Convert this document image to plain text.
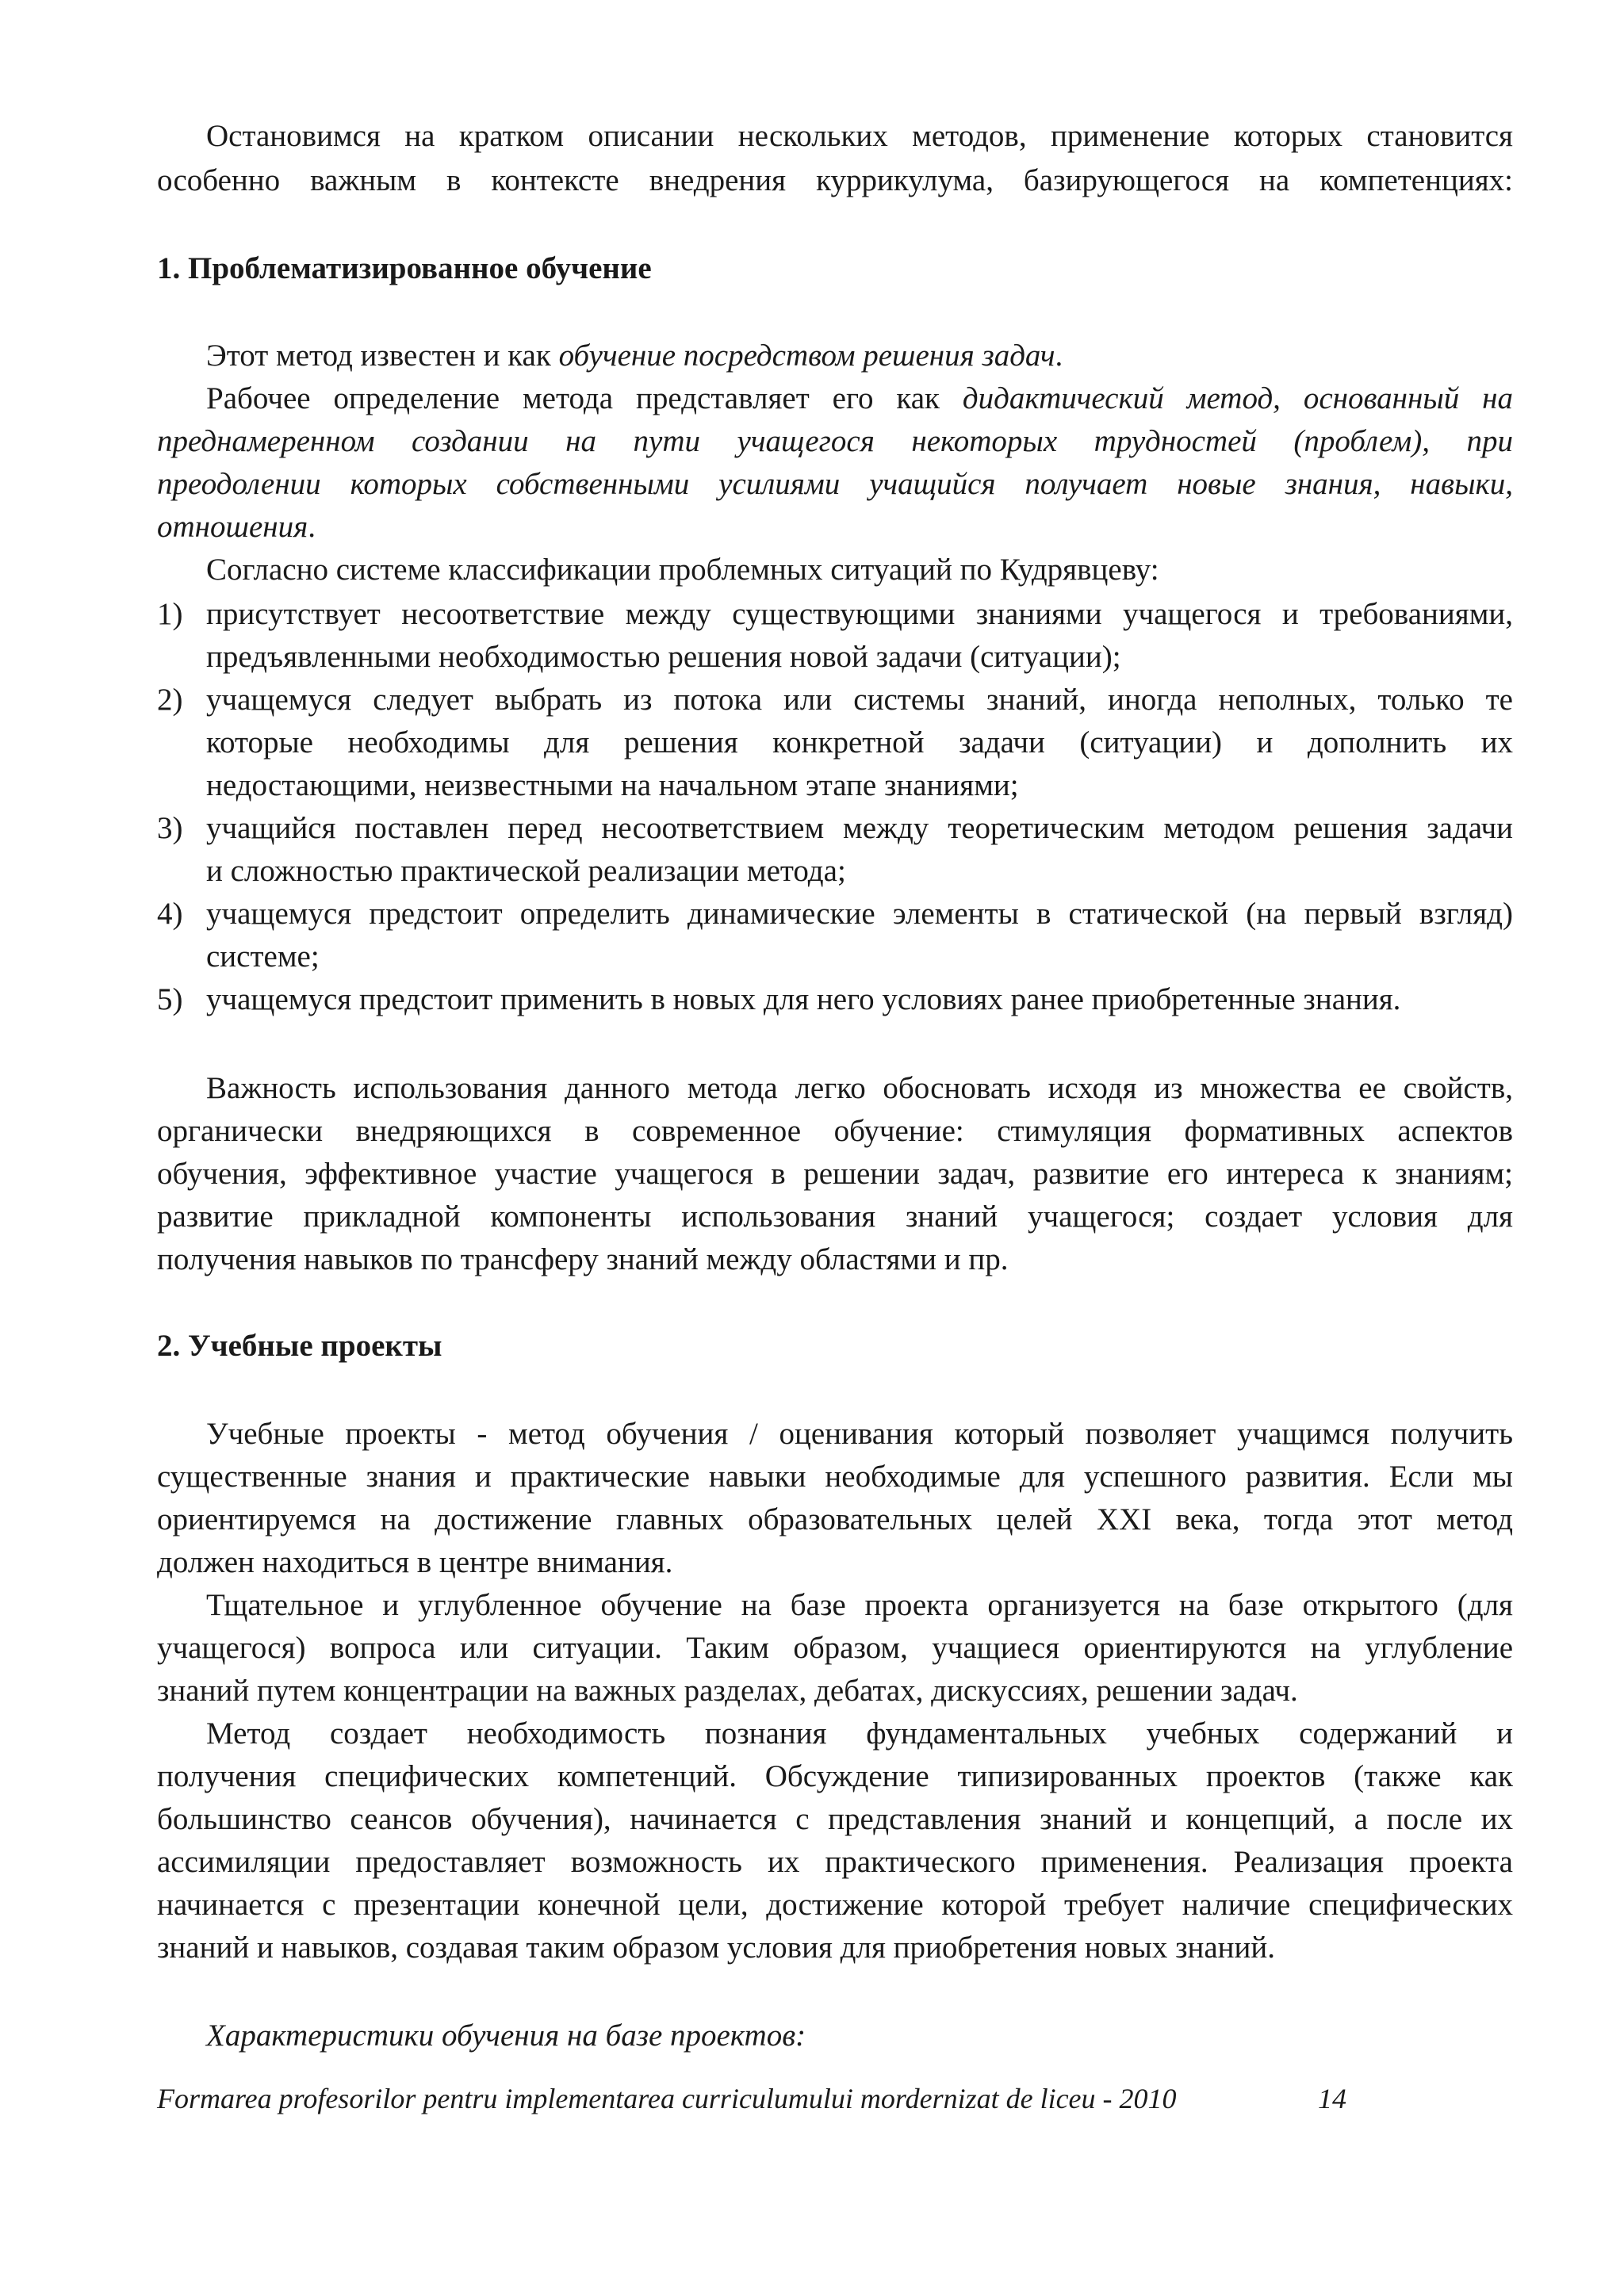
Остановимся на кратком описании нескольких методов, применение которых становится
особенно важным в контексте внедрения куррикулума, базирующегося на компетенциях:
1. Проблематизированное обучение
Этот метод известен и как обучение посредством решения задач.
Рабочее определение метода представляет его как дидактический метод, основанный на
преднамеренном создании на пути учащегося некоторых трудностей (проблем), при
преодолении которых собственными усилиями учащийся получает новые знания, навыки,
отношения.
Согласно системе классификации проблемных ситуаций по Кудрявцеву:
1) присутствует несоответствие между существующими знаниями учащегося и требованиями,
предъявленными необходимостью решения новой задачи (ситуации);
2) учащемуся следует выбрать из потока или системы знаний, иногда неполных, только те
которые необходимы для решения конкретной задачи (ситуации) и дополнить их
недостающими, неизвестными на начальном этапе знаниями;
3) учащийся поставлен перед несоответствием между теоретическим методом решения задачи
и сложностью практической реализации метода;
4) учащемуся предстоит определить динамические элементы в статической (на первый взгляд)
системе;
5) учащемуся предстоит применить в новых для него условиях ранее приобретенные знания.
Важность использования данного метода легко обосновать исходя из множества ее свойств,
органически внедряющихся в современное обучение: стимуляция формативных аспектов
обучения, эффективное участие учащегося в решении задач, развитие его интереса к знаниям;
развитие прикладной компоненты использования знаний учащегося; создает условия для
получения навыков по трансферу знаний между областями и пр.
2. Учебные проекты
Учебные проекты - метод обучения / оценивания который позволяет учащимся получить
существенные знания и практические навыки необходимые для успешного развития. Если мы
ориентируемся на достижение главных образовательных целей XXI века, тогда этот метод
должен находиться в центре внимания.
Тщательное и углубленное обучение на базе проекта организуется на базе открытого (для
учащегося) вопроса или ситуации. Таким образом, учащиеся ориентируются на углубление
знаний путем концентрации на важных разделах, дебатах, дискуссиях, решении задач.
Метод создает необходимость познания фундаментальных учебных содержаний и
получения специфических компетенций. Обсуждение типизированных проектов (также как
большинство сеансов обучения), начинается с представления знаний и концепций, а после их
ассимиляции предоставляет возможность их практического применения. Реализация проекта
начинается с презентации конечной цели, достижение которой требует наличие специфических
знаний и навыков, создавая таким образом условия для приобретения новых знаний.
Характеристики обучения на базе проектов:
Formarea profesorilor pentru implementarea curriculumului mordernizat de liceu - 2010	14
